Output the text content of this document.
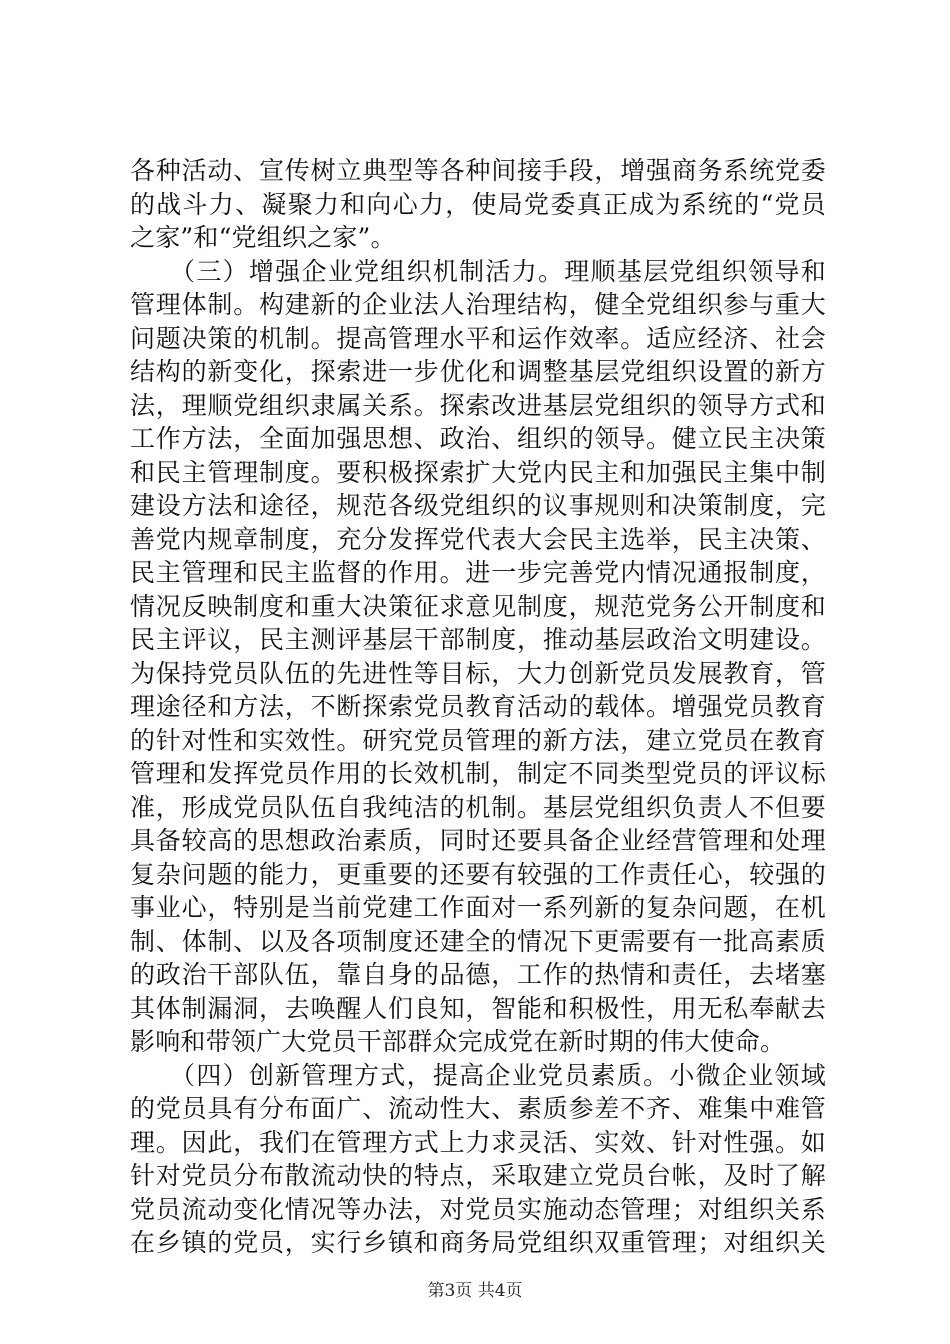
各种活动、宣传树立典型等各种间接手段，增强商务系统党委
的战斗力、凝聚力和向心力，使局党委真正成为系统的“党员
之家”和“党组织之家”。
　　（三）增强企业党组织机制活力。理顺基层党组织领导和
管理体制。构建新的企业法人治理结构，健全党组织参与重大
问题决策的机制。提高管理水平和运作效率。适应经济、社会
结构的新变化，探索进一步优化和调整基层党组织设置的新方
法，理顺党组织隶属关系。探索改进基层党组织的领导方式和
工作方法，全面加强思想、政治、组织的领导。健立民主决策
和民主管理制度。要积极探索扩大党内民主和加强民主集中制
建设方法和途径，规范各级党组织的议事规则和决策制度，完
善党内规章制度，充分发挥党代表大会民主选举，民主决策、
民主管理和民主监督的作用。进一步完善党内情况通报制度，
情况反映制度和重大决策征求意见制度，规范党务公开制度和
民主评议，民主测评基层干部制度，推动基层政治文明建设。
为保持党员队伍的先进性等目标，大力创新党员发展教育，管
理途径和方法，不断探索党员教育活动的载体。增强党员教育
的针对性和实效性。研究党员管理的新方法，建立党员在教育
管理和发挥党员作用的长效机制，制定不同类型党员的评议标
准，形成党员队伍自我纯洁的机制。基层党组织负责人不但要
具备较高的思想政治素质，同时还要具备企业经营管理和处理
复杂问题的能力，更重要的还要有较强的工作责任心，较强的
事业心，特别是当前党建工作面对一系列新的复杂问题，在机
制、体制、以及各项制度还建全的情况下更需要有一批高素质
的政治干部队伍，靠自身的品德，工作的热情和责任，去堵塞
其体制漏洞，去唤醒人们良知，智能和积极性，用无私奉献去
影响和带领广大党员干部群众完成党在新时期的伟大使命。
　　（四）创新管理方式，提高企业党员素质。小微企业领域
的党员具有分布面广、流动性大、素质参差不齐、难集中难管
理。因此，我们在管理方式上力求灵活、实效、针对性强。如
针对党员分布散流动快的特点，采取建立党员台帐，及时了解
党员流动变化情况等办法，对党员实施动态管理；对组织关系
在乡镇的党员，实行乡镇和商务局党组织双重管理；对组织关
第3页 共4页
